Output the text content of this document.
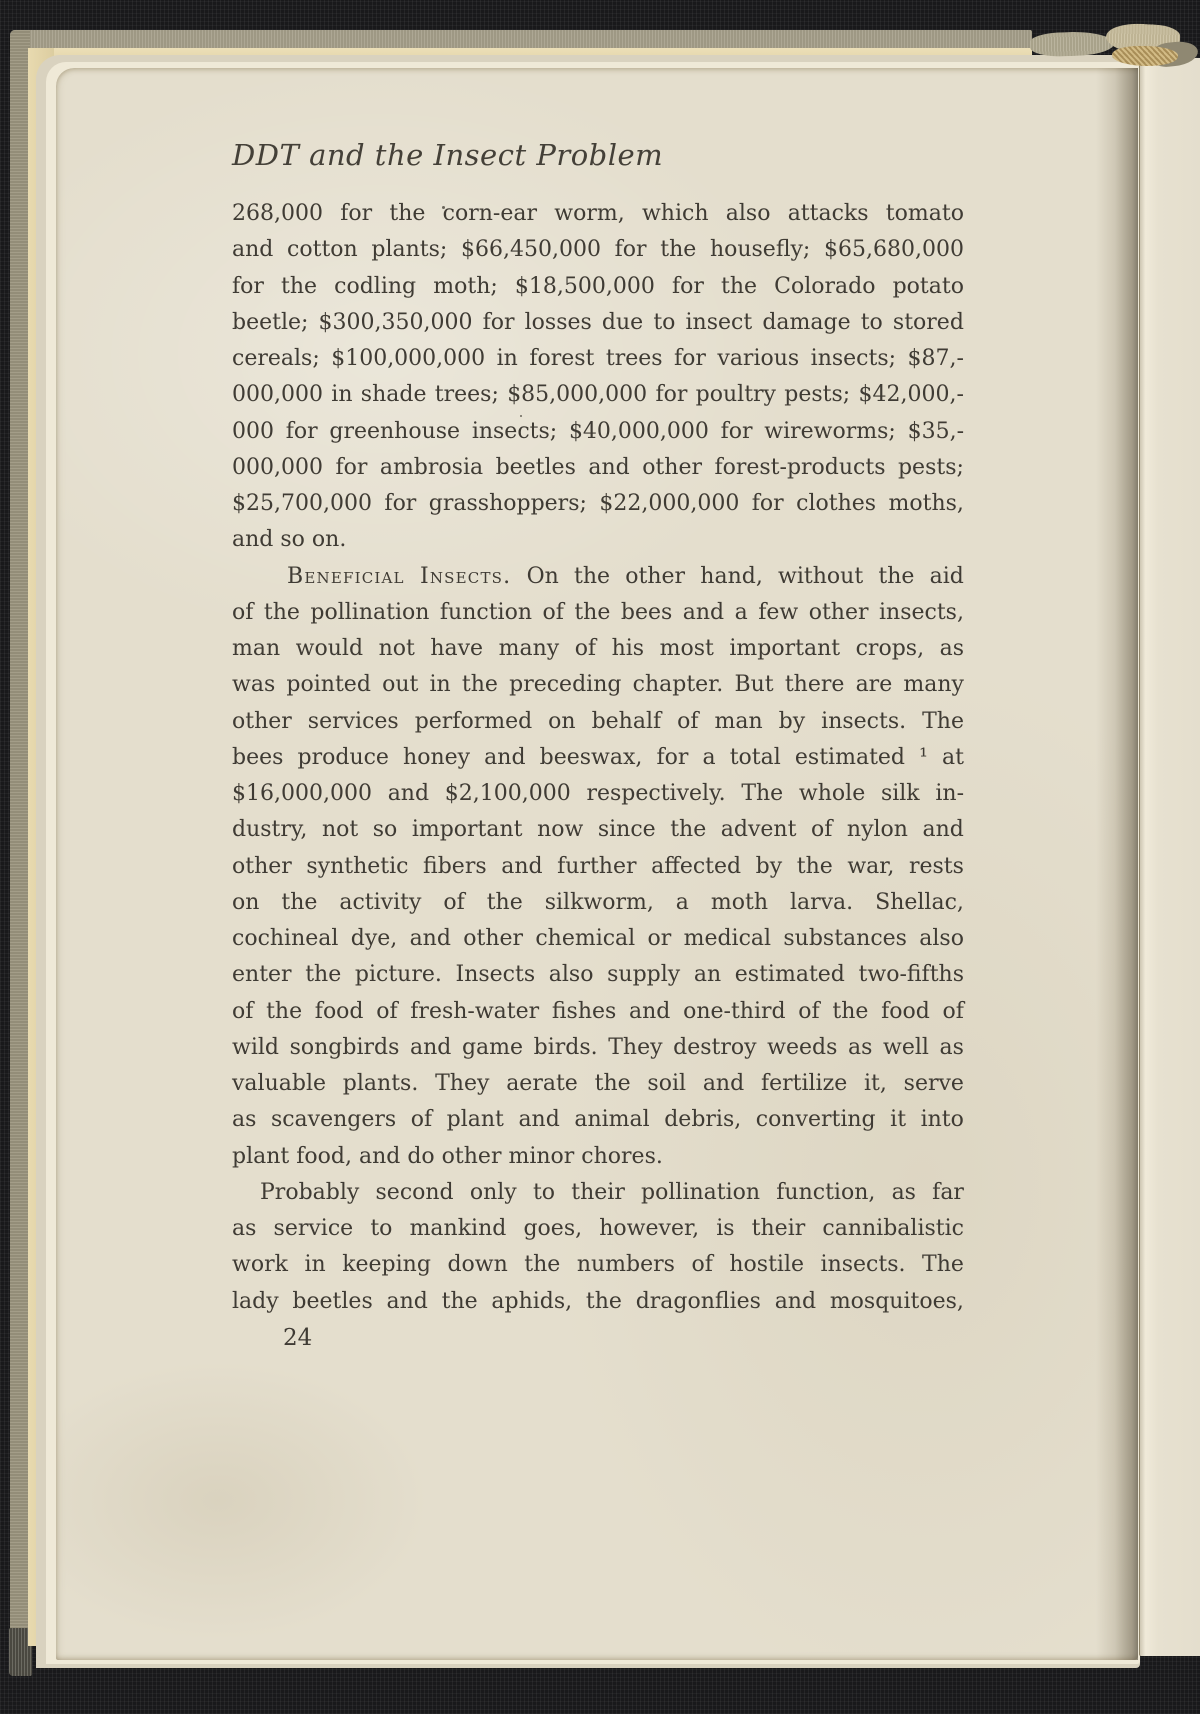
DDT and the Insect Problem
268,000 for the corn-ear worm, which also attacks tomato
and cotton plants; $66,450,000 for the housefly; $65,680,000
for the codling moth; $18,500,000 for the Colorado potato
beetle; $300,350,000 for losses due to insect damage to stored
cereals; $100,000,000 in forest trees for various insects; $87,-
000,000 in shade trees; $85,000,000 for poultry pests; $42,000,-
000 for greenhouse insects; $40,000,000 for wireworms; $35,-
000,000 for ambrosia beetles and other forest-products pests;
$25,700,000 for grasshoppers; $22,000,000 for clothes moths,
and so on.
Beneficial Insects. On the other hand, without the aid
of the pollination function of the bees and a few other insects,
man would not have many of his most important crops, as
was pointed out in the preceding chapter. But there are many
other services performed on behalf of man by insects. The
bees produce honey and beeswax, for a total estimated ¹ at
$16,000,000 and $2,100,000 respectively. The whole silk in-
dustry, not so important now since the advent of nylon and
other synthetic fibers and further affected by the war, rests
on the activity of the silkworm, a moth larva. Shellac,
cochineal dye, and other chemical or medical substances also
enter the picture. Insects also supply an estimated two-fifths
of the food of fresh-water fishes and one-third of the food of
wild songbirds and game birds. They destroy weeds as well as
valuable plants. They aerate the soil and fertilize it, serve
as scavengers of plant and animal debris, converting it into
plant food, and do other minor chores.
Probably second only to their pollination function, as far
as service to mankind goes, however, is their cannibalistic
work in keeping down the numbers of hostile insects. The
lady beetles and the aphids, the dragonflies and mosquitoes,
24
